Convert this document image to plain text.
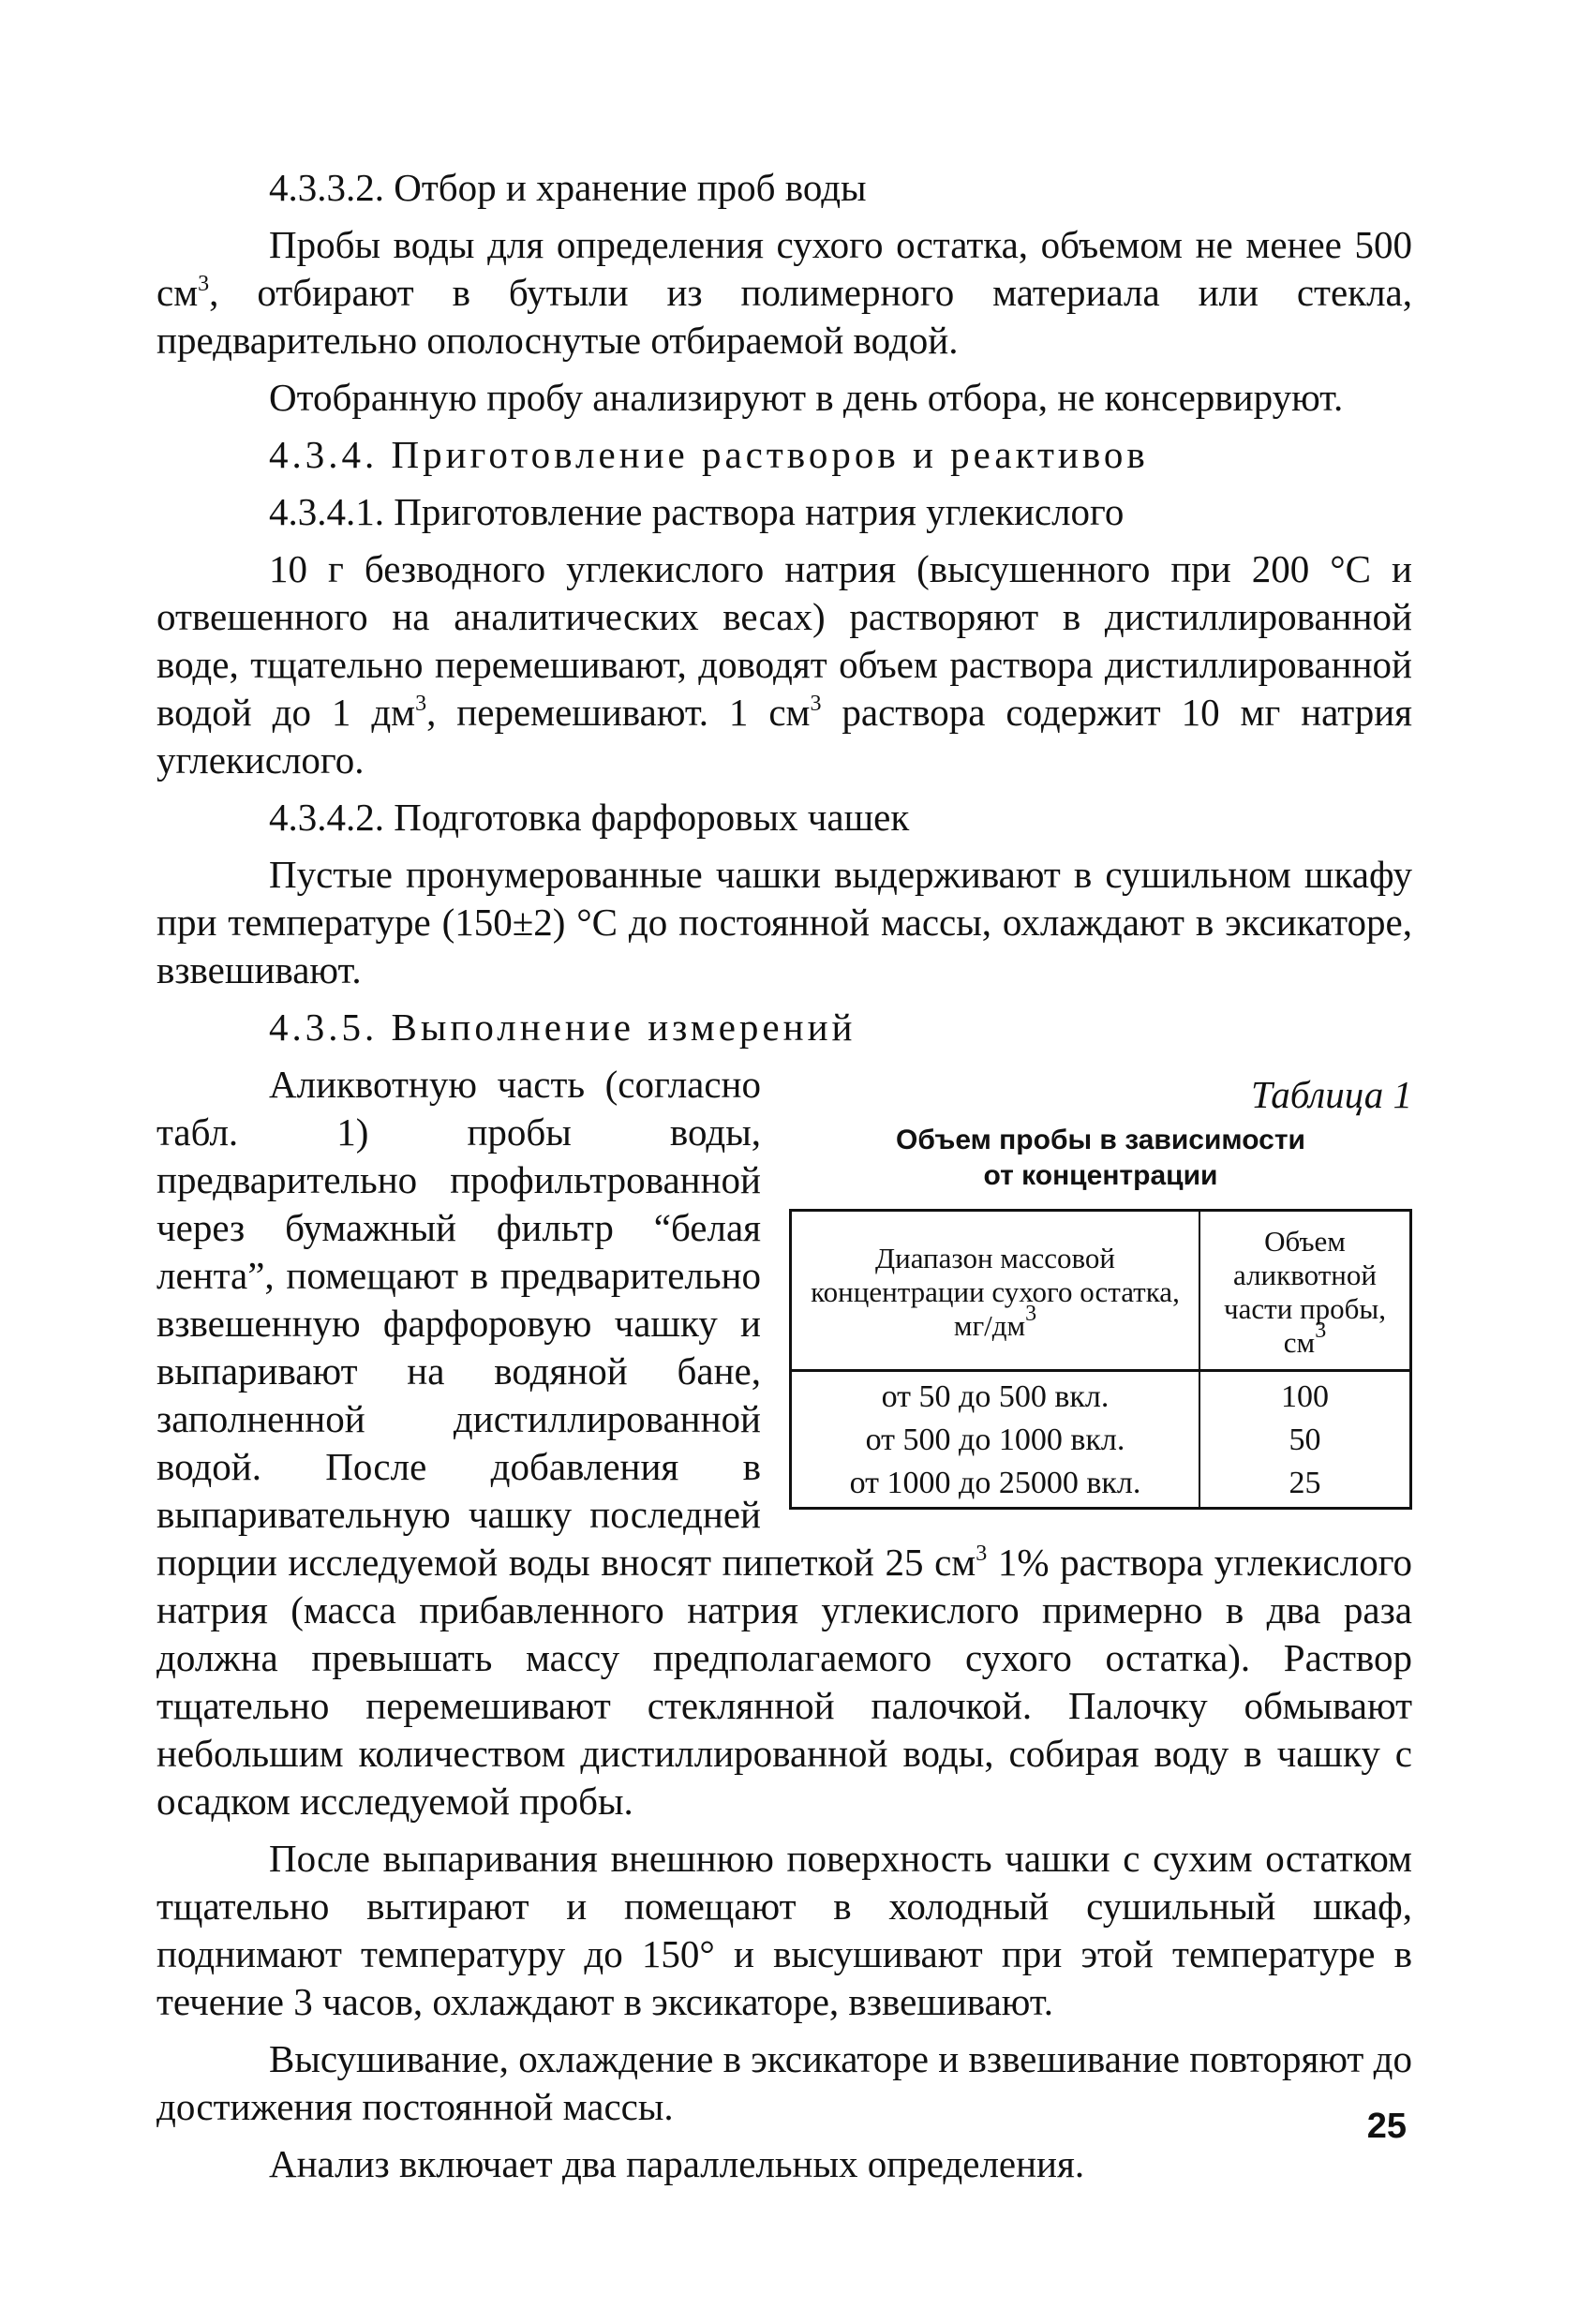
4.3.3.2. Отбор и хранение проб воды

Пробы воды для определения сухого остатка, объемом не менее 500 $см^3$, отбирают в бутыли из полимерного материала или стекла, предварительно ополоснутые отбираемой водой.

Отобранную пробу анализируют в день отбора, не консервируют.

4.3.4. Приготовление растворов и реактивов
4.3.4.1. Приготовление раствора натрия углекислого

10 г безводного углекислого натрия (высушенного при 200 °С и отвешенного на аналитических весах) растворяют в дистиллированной воде, тщательно перемешивают, доводят объем раствора дистиллированной водой до 1 $дм^3$, перемешивают. 1 $см^3$ раствора содержит 10 мг натрия углекислого.

4.3.4.2. Подготовка фарфоровых чашек

Пустые пронумерованные чашки выдерживают в сушильном шкафу при температуре (150±2) °С до постоянной массы, охлаждают в эксикаторе, взвешивают.

4.3.5. Выполнение измерений
Таблица 1
Объем пробы в зависимости
от концентрации
Диапазон массовой концентрации сухого остатка, $мг/дм^3$	Объем аликвотной части пробы, $см^3$
от 50 до 500 вкл.	100
от 500 до 1000 вкл.	50
от 1000 до 25000 вкл.	25

Аликвотную часть (согласно табл. 1) пробы воды, предварительно профильтрованной через бумажный фильтр “белая лента”, помещают в предварительно взвешенную фарфоровую чашку и выпаривают на водяной бане, заполненной дистиллированной водой. После добавления в выпаривательную чашку последней порции исследуемой воды вносят пипеткой 25 $см^3$ 1% раствора углекислого натрия (масса прибавленного натрия углекислого примерно в два раза должна превышать массу предполагаемого сухого остатка). Раствор тщательно перемешивают стеклянной палочкой. Палочку обмывают небольшим количеством дистиллированной воды, собирая воду в чашку с осадком исследуемой пробы.

После выпаривания внешнюю поверхность чашки с сухим остатком тщательно вытирают и помещают в холодный сушильный шкаф, поднимают температуру до 150° и высушивают при этой температуре в течение 3 часов, охлаждают в эксикаторе, взвешивают.

Высушивание, охлаждение в эксикаторе и взвешивание повторяют до достижения постоянной массы.

Анализ включает два параллельных определения.

25
